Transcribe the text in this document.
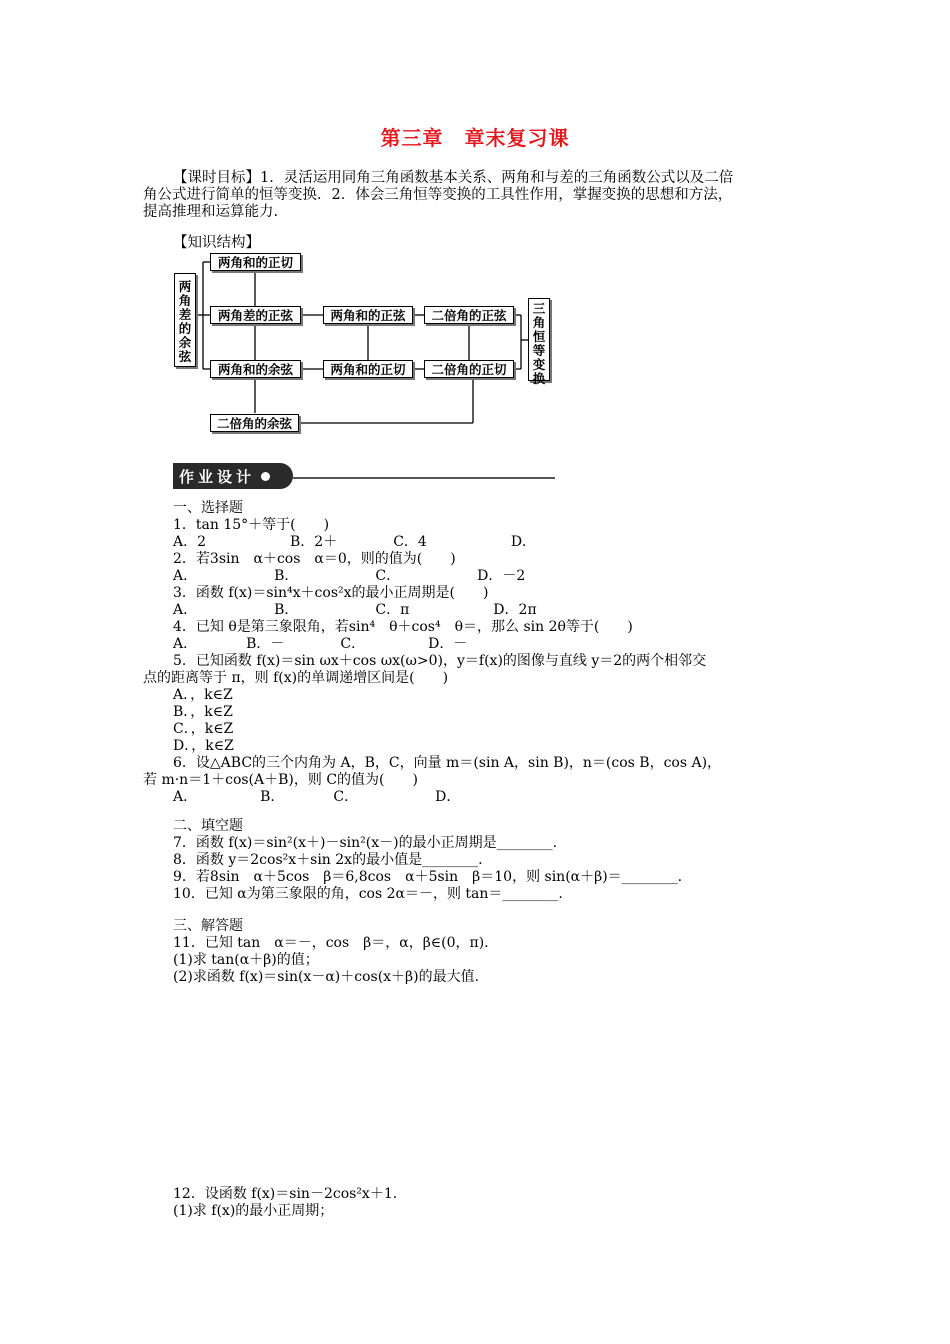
第三章　章末复习课
【课时目标】1．灵活运用同角三角函数基本关系、两角和与差的三角函数公式以及二倍
角公式进行简单的恒等变换．2．体会三角恒等变换的工具性作用，掌握变换的思想和方法，
提高推理和运算能力.
【知识结构】
两
角
差
的
余
弦
两角和的正切
两角差的正弦	两角和的正弦	二倍角的正弦
两角和的余弦	两角和的正切	二倍角的正切
二倍角的余弦
三
角
恒
等
变
换
作业设计
一、选择题
1．tan 15°＋等于(　　)
A．2　　　　　　B．2＋　　　　C．4　　　　　　D．
2．若3sin　α＋cos　α＝0，则的值为(　　)
A．　　　　　　B．　　　　　　C．　　　　　　D．－2
3．函数 f(x)＝sin⁴x＋cos²x的最小正周期是(　　)
A．　　　　　　B．　　　　　　C．π　　　　　　D．2π
4．已知 θ是第三象限角，若sin⁴　θ＋cos⁴　θ＝，那么 sin 2θ等于(　　)
A．　　　　B．－　　　　C．　　　　　D．－
5．已知函数 f(x)＝sin ωx＋cos ωx(ω>0)，y＝f(x)的图像与直线 y＝2的两个相邻交
点的距离等于 π，则 f(x)的单调递增区间是(　　)
A．，k∈Z
B．，k∈Z
C．，k∈Z
D．，k∈Z
6．设△ABC的三个内角为 A，B，C，向量 m＝(sin A，sin B)，n＝(cos B，cos A)，
若 m·n＝1＋cos(A＋B)，则 C的值为(　　)
A．　　　　　B．　　　　C．　　　　　　D．
二、填空题
7．函数 f(x)＝sin²(x＋)－sin²(x－)的最小正周期是________.
8．函数 y＝2cos²x＋sin 2x的最小值是________.
9．若8sin　α＋5cos　β＝6,8cos　α＋5sin　β＝10，则 sin(α＋β)＝________.
10．已知 α为第三象限的角，cos 2α＝－，则 tan＝________.
三、解答题
11．已知 tan　α＝－，cos　β＝，α，β∈(0，π)．
(1)求 tan(α＋β)的值；
(2)求函数 f(x)＝sin(x－α)＋cos(x＋β)的最大值.
12．设函数 f(x)＝sin－2cos²x＋1.
(1)求 f(x)的最小正周期；
